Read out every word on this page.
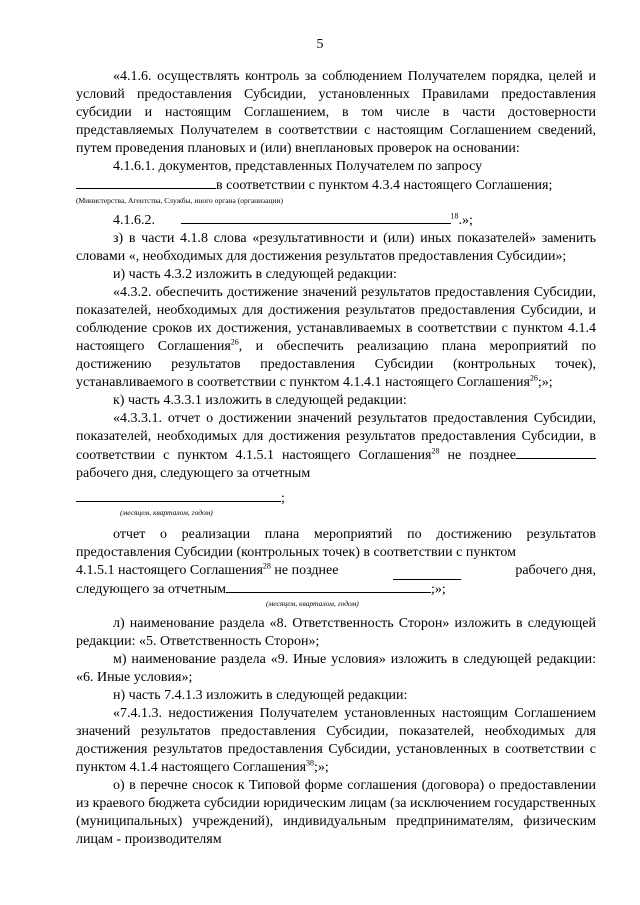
5

«4.1.6. осуществлять контроль за соблюдением Получателем порядка, целей и условий предоставления Субсидии, установленных Правилами предоставления субсидии и настоящим Соглашением, в том числе в части достоверности представляемых Получателем в соответствии с настоящим Соглашением сведений, путем проведения плановых и (или) внеплановых проверок на основании:

4.1.6.1. документов, представленных Получателем по запросу
в соответствии с пунктом 4.3.4 настоящего Соглашения;

(Министерства, Агентства, Службы, иного органа (организации)

4.1.6.2.	$^{18}$.»;

з) в части 4.1.8 слова «результативности и (или) иных показателей» заменить словами «, необходимых для достижения результатов предоставления Субсидии»;

и) часть 4.3.2 изложить в следующей редакции:

«4.3.2. обеспечить достижение значений результатов предоставления Субсидии, показателей, необходимых для достижения результатов предоставления Субсидии, и соблюдение сроков их достижения, устанавливаемых в соответствии с пунктом 4.1.4 настоящего Соглашения$^{26}$, и обеспечить реализацию плана мероприятий по достижению результатов предоставления Субсидии (контрольных точек), устанавливаемого в соответствии с пунктом 4.1.4.1 настоящего Соглашения$^{26}$;»;

к) часть 4.3.3.1 изложить в следующей редакции:

«4.3.3.1. отчет о достижении значений результатов предоставления Субсидии, показателей, необходимых для достижения результатов предоставления Субсидии, в соответствии с пунктом 4.1.5.1 настоящего Соглашения$^{28}$ не позднеерабочего дня, следующего за отчетным

;
(месяцем, кварталом, годом)

отчет о реализации плана мероприятий по достижению результатов предоставления Субсидии (контрольных точек) в соответствии с пунктом

4.1.5.1 настоящего Соглашения$^{28}$ не позднее	рабочего дня,
следующего за отчетным	;»;
(месяцем, кварталом, годом)

л) наименование раздела «8. Ответственность Сторон» изложить в следующей редакции: «5. Ответственность Сторон»;

м) наименование раздела «9. Иные условия» изложить в следующей редакции: «6. Иные условия»;

н) часть 7.4.1.3 изложить в следующей редакции:

«7.4.1.3. недостижения Получателем установленных настоящим Соглашением значений результатов предоставления Субсидии, показателей, необходимых для достижения результатов предоставления Субсидии, установленных в соответствии с пунктом 4.1.4 настоящего Соглашения$^{38}$;»;

о) в перечне сносок к Типовой форме соглашения (договора) о предоставлении из краевого бюджета субсидии юридическим лицам (за исключением государственных (муниципальных) учреждений), индивидуальным предпринимателям, физическим лицам - производителям
